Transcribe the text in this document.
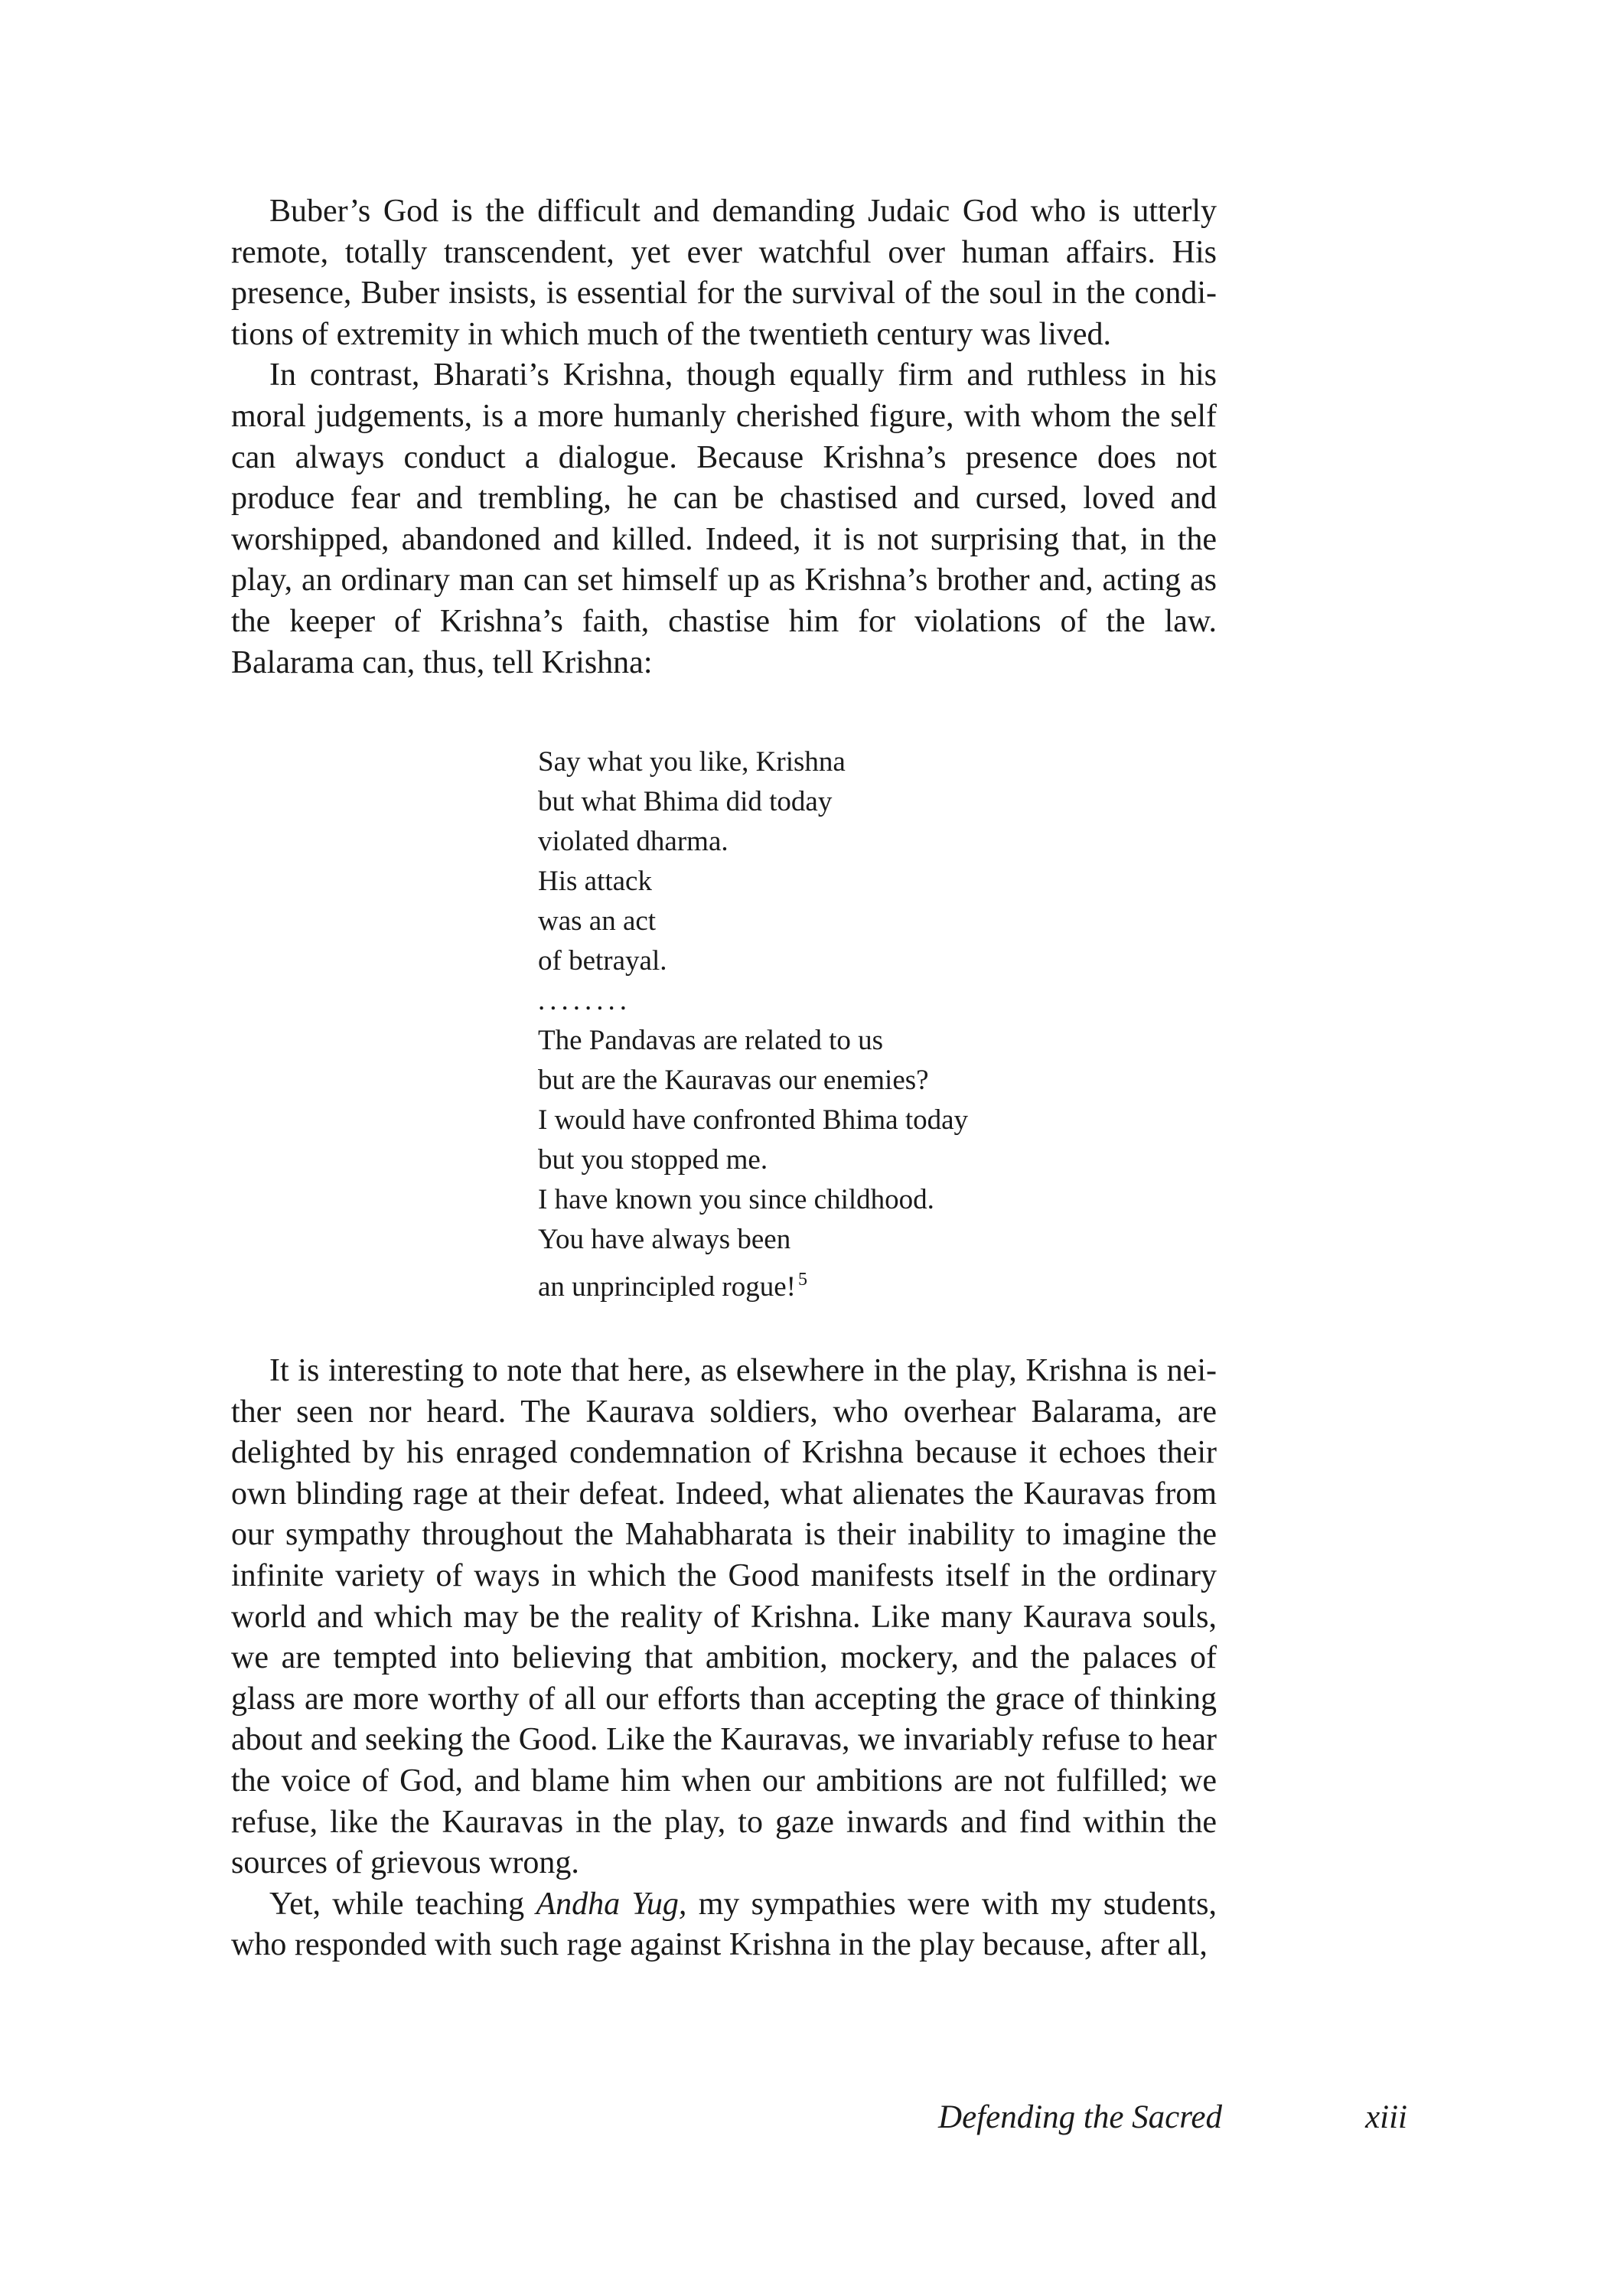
Buber’s God is the difficult and demanding Judaic God who is utterly remote, totally transcendent, yet ever watchful over human affairs. His presence, Buber insists, is essential for the survival of the soul in the conditions of extremity in which much of the twentieth century was lived.

In contrast, Bharati’s Krishna, though equally firm and ruthless in his moral judgements, is a more humanly cherished figure, with whom the self can always conduct a dialogue. Because Krishna’s presence does not produce fear and trembling, he can be chastised and cursed, loved and worshipped, abandoned and killed. Indeed, it is not surprising that, in the play, an ordinary man can set himself up as Krishna’s brother and, acting as the keeper of Krishna’s faith, chastise him for violations of the law. Balarama can, thus, tell Krishna:

Say what you like, Krishna
but what Bhima did today
violated dharma.
His attack
was an act
of betrayal.
........
The Pandavas are related to us
but are the Kauravas our enemies?
I would have confronted Bhima today
but you stopped me.
I have known you since childhood.
You have always been
an unprincipled rogue! $^5$

It is interesting to note that here, as elsewhere in the play, Krishna is neither seen nor heard. The Kaurava soldiers, who overhear Balarama, are delighted by his enraged condemnation of Krishna because it echoes their own blinding rage at their defeat. Indeed, what alienates the Kauravas from our sympathy throughout the Mahabharata is their inability to imagine the infinite variety of ways in which the Good manifests itself in the ordinary world and which may be the reality of Krishna. Like many Kaurava souls, we are tempted into believing that ambition, mockery, and the palaces of glass are more worthy of all our efforts than accepting the grace of thinking about and seeking the Good. Like the Kauravas, we invariably refuse to hear the voice of God, and blame him when our ambitions are not fulfilled; we refuse, like the Kauravas in the play, to gaze inwards and find within the sources of grievous wrong.

Yet, while teaching Andha Yug, my sympathies were with my students, who responded with such rage against Krishna in the play because, after all,

Defending the Sacred	xiii
